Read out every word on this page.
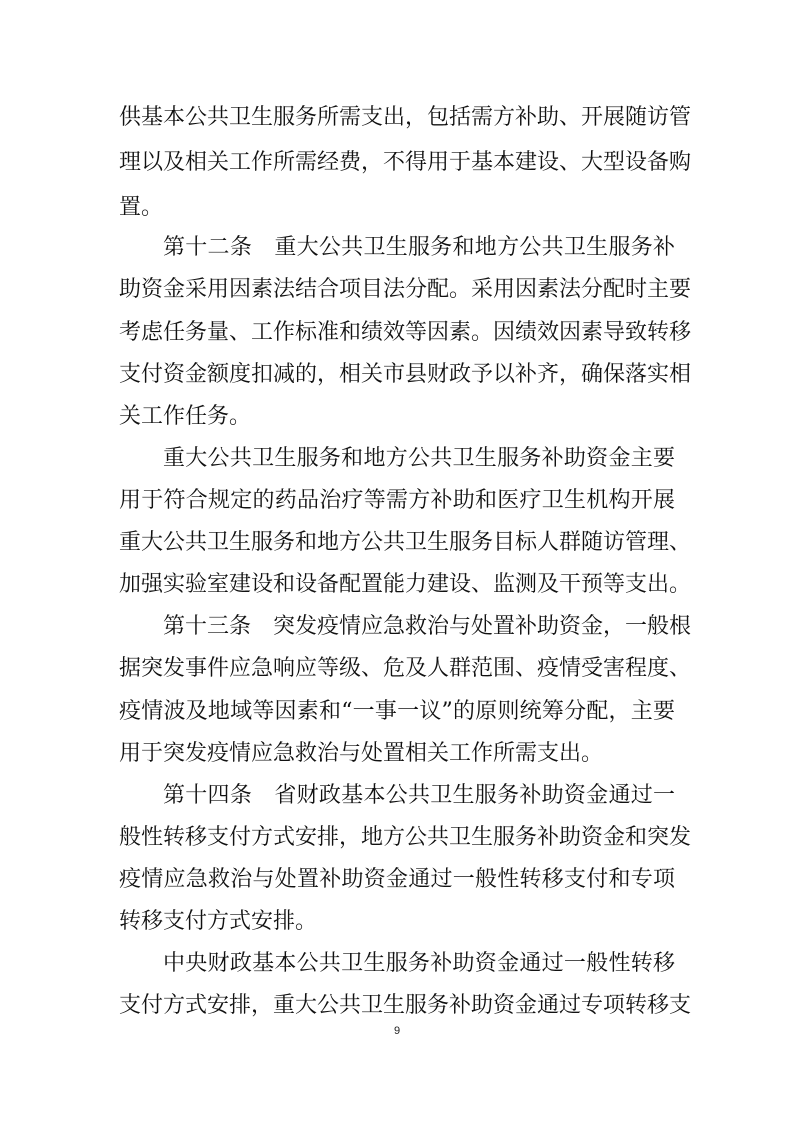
供基本公共卫生服务所需支出，包括需方补助、开展随访管
理以及相关工作所需经费，不得用于基本建设、大型设备购
置。
第十二条　重大公共卫生服务和地方公共卫生服务补
助资金采用因素法结合项目法分配。采用因素法分配时主要
考虑任务量、工作标准和绩效等因素。因绩效因素导致转移
支付资金额度扣减的，相关市县财政予以补齐，确保落实相
关工作任务。
重大公共卫生服务和地方公共卫生服务补助资金主要
用于符合规定的药品治疗等需方补助和医疗卫生机构开展
重大公共卫生服务和地方公共卫生服务目标人群随访管理、
加强实验室建设和设备配置能力建设、监测及干预等支出。
第十三条　突发疫情应急救治与处置补助资金，一般根
据突发事件应急响应等级、危及人群范围、疫情受害程度、
疫情波及地域等因素和“一事一议”的原则统筹分配，主要
用于突发疫情应急救治与处置相关工作所需支出。
第十四条　省财政基本公共卫生服务补助资金通过一
般性转移支付方式安排，地方公共卫生服务补助资金和突发
疫情应急救治与处置补助资金通过一般性转移支付和专项
转移支付方式安排。
中央财政基本公共卫生服务补助资金通过一般性转移
支付方式安排，重大公共卫生服务补助资金通过专项转移支
9
